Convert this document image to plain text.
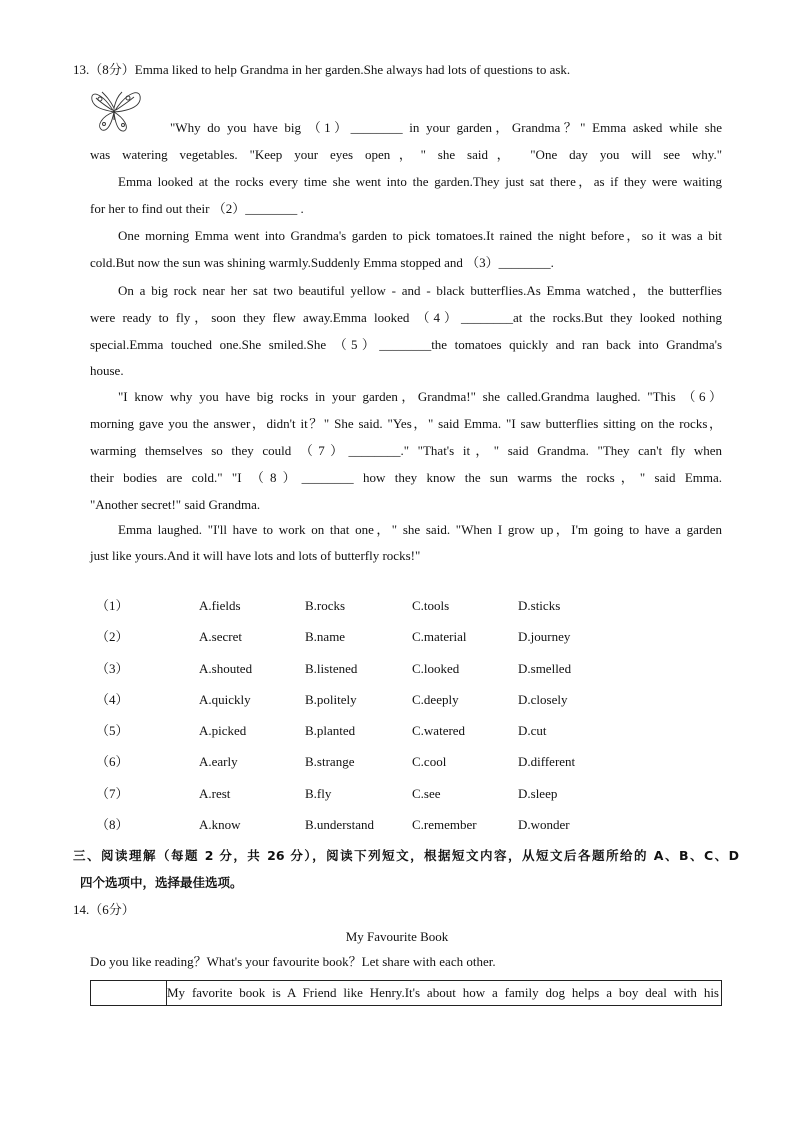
13.（8分）Emma liked to help Grandma in her garden.She always had lots of questions to ask.
"Why do you have big （1）________ in your garden，Grandma？" Emma asked while she
was watering vegetables. "Keep your eyes open，" she said， "One day you will see why."
Emma looked at the rocks every time she went into the garden.They just sat there，as if they were waiting
for her to find out their （2）________ .
One morning Emma went into Grandma's garden to pick tomatoes.It rained the night before，so it was a bit
cold.But now the sun was shining warmly.Suddenly Emma stopped and （3）________.
On a big rock near her sat two beautiful yellow - and - black butterflies.As Emma watched，the butterflies
were ready to fly，soon they flew away.Emma looked （4）________at the rocks.But they looked nothing
special.Emma touched one.She smiled.She （5）________the tomatoes quickly and ran back into Grandma's
house.
"I know why you have big rocks in your garden，Grandma!" she called.Grandma laughed. "This （6）
morning gave you the answer，didn't it？" She said. "Yes，" said Emma. "I saw butterflies sitting on the rocks，
warming themselves so they could （7）________." "That's it，" said Grandma. "They can't fly when
their bodies are cold." "I （8）________ how they know the sun warms the rocks，" said Emma.
"Another secret!" said Grandma.
Emma laughed. "I'll have to work on that one，" she said. "When I grow up，I'm going to have a garden
just like yours.And it will have lots and lots of butterfly rocks!"
（1）	A.fields	B.rocks	C.tools	D.sticks
（2）	A.secret	B.name	C.material	D.journey
（3）	A.shouted	B.listened	C.looked	D.smelled
（4）	A.quickly	B.politely	C.deeply	D.closely
（5）	A.picked	B.planted	C.watered	D.cut
（6）	A.early	B.strange	C.cool	D.different
（7）	A.rest	B.fly	C.see	D.sleep
（8）	A.know	B.understand	C.remember	D.wonder
三、阅读理解（每题 2 分，共 26 分），阅读下列短文，根据短文内容，从短文后各题所给的 A、B、C、D
四个选项中，选择最佳选项。
14.（6分）
My Favourite Book
Do you like reading？What's your favourite book？Let share with each other.
My favorite book is A Friend like Henry.It's about how a family dog helps a boy deal with his
